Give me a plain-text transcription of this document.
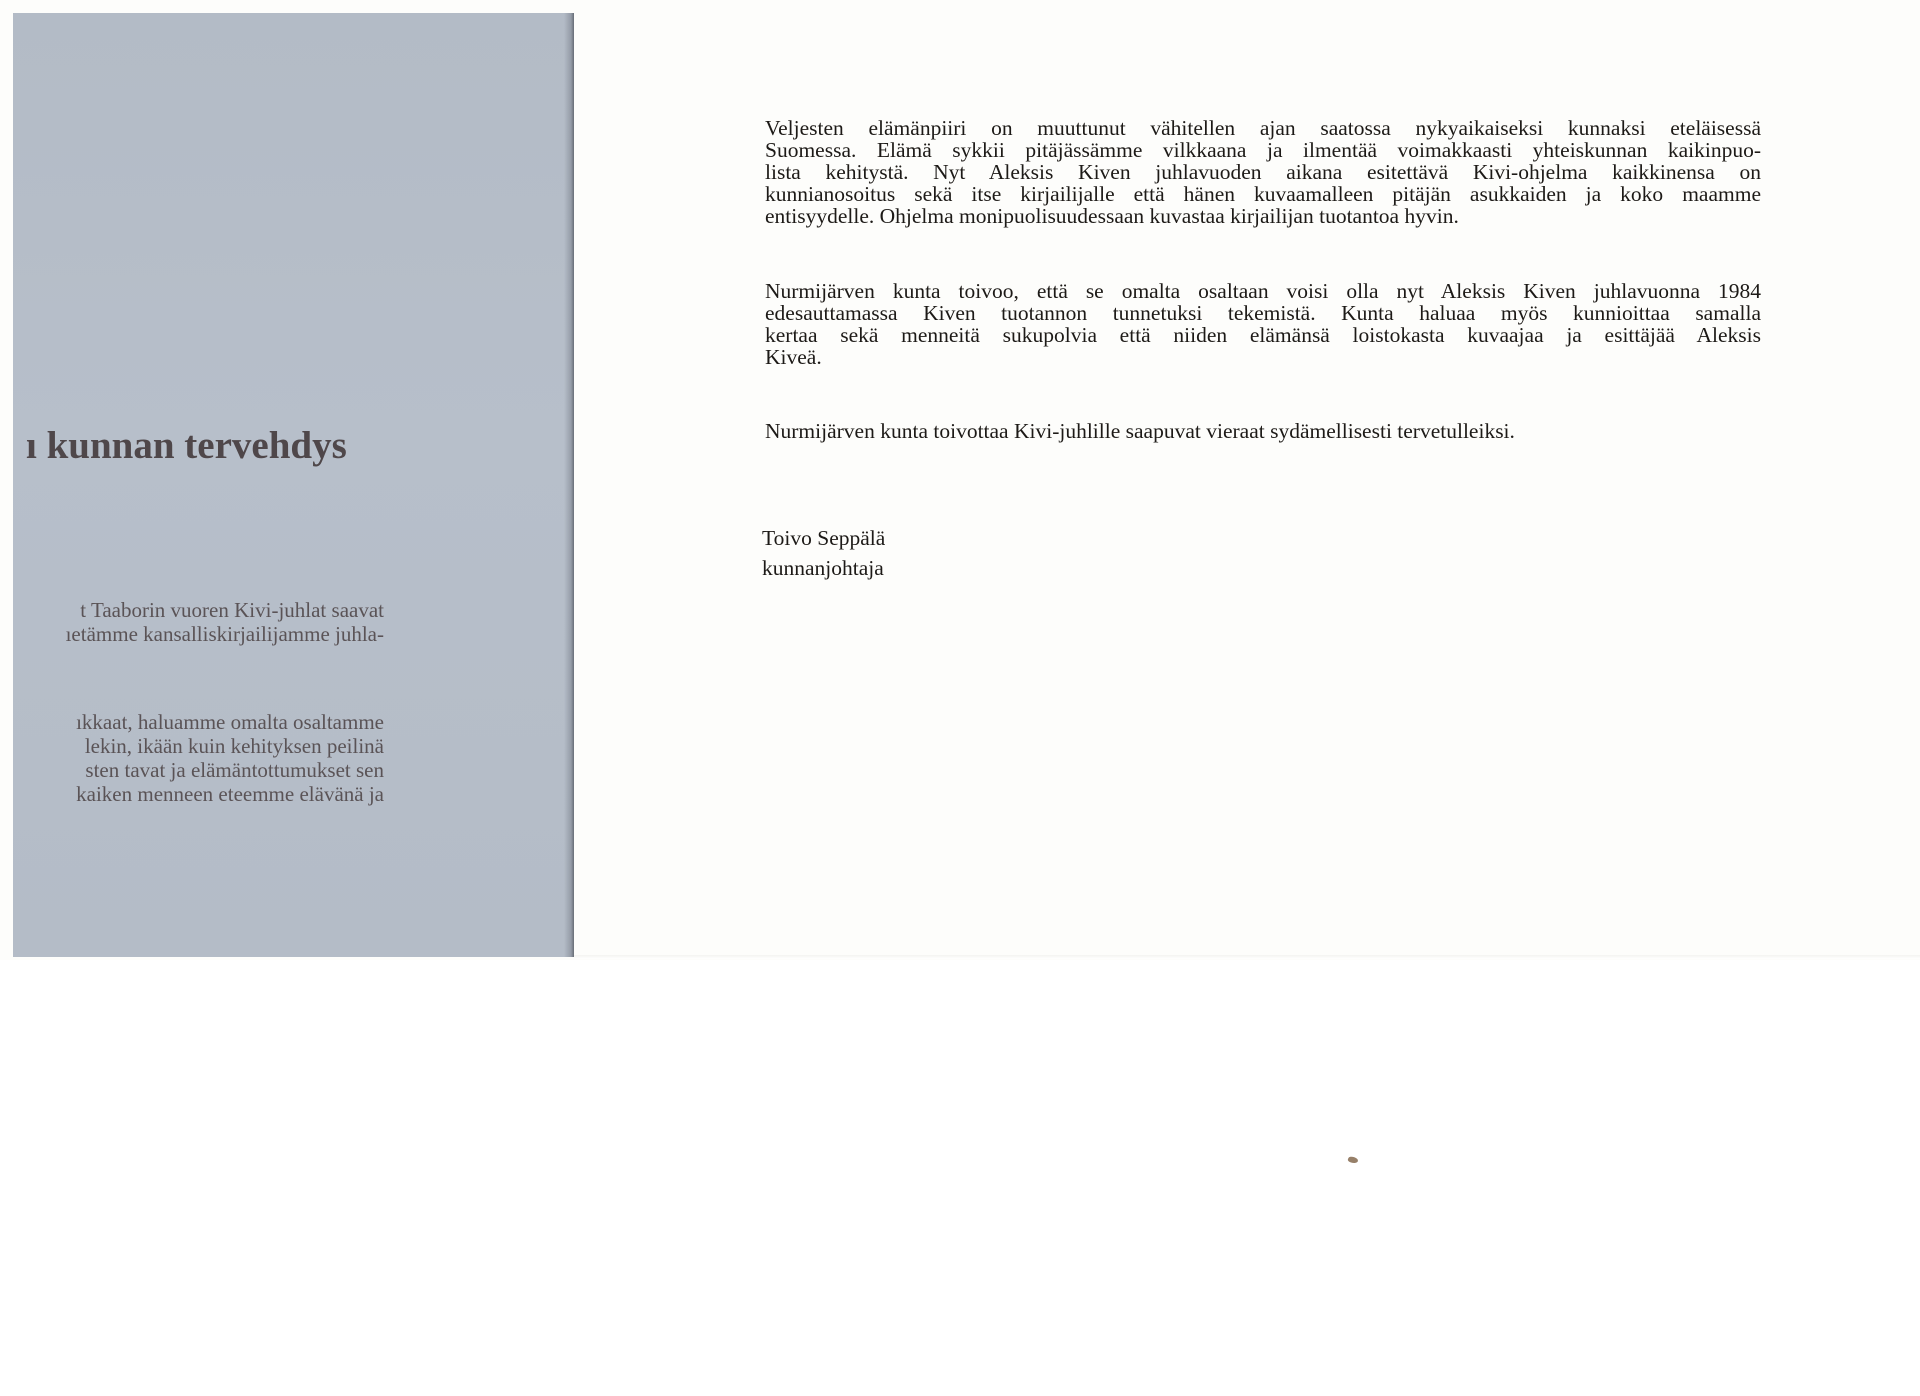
ı kunnan tervehdys
t Taaborin vuoren Kivi-juhlat saavat
ıetämme kansalliskirjailijamme juhla-
ıkkaat, haluamme omalta osaltamme
lekin, ikään kuin kehityksen peilinä
sten tavat ja elämäntottumukset sen
kaiken menneen eteemme elävänä ja
Veljesten elämänpiiri on muuttunut vähitellen ajan saatossa nykyaikaiseksi kunnaksi eteläisessä
Suomessa. Elämä sykkii pitäjässämme vilkkaana ja ilmentää voimakkaasti yhteiskunnan kaikinpuo-
lista kehitystä. Nyt Aleksis Kiven juhlavuoden aikana esitettävä Kivi-ohjelma kaikkinensa on
kunnianosoitus sekä itse kirjailijalle että hänen kuvaamalleen pitäjän asukkaiden ja koko maamme
entisyydelle. Ohjelma monipuolisuudessaan kuvastaa kirjailijan tuotantoa hyvin.
Nurmijärven kunta toivoo, että se omalta osaltaan voisi olla nyt Aleksis Kiven juhlavuonna 1984
edesauttamassa Kiven tuotannon tunnetuksi tekemistä. Kunta haluaa myös kunnioittaa samalla
kertaa sekä menneitä sukupolvia että niiden elämänsä loistokasta kuvaajaa ja esittäjää Aleksis
Kiveä.
Nurmijärven kunta toivottaa Kivi-juhlille saapuvat vieraat sydämellisesti tervetulleiksi.
Toivo Seppälä
kunnanjohtaja
